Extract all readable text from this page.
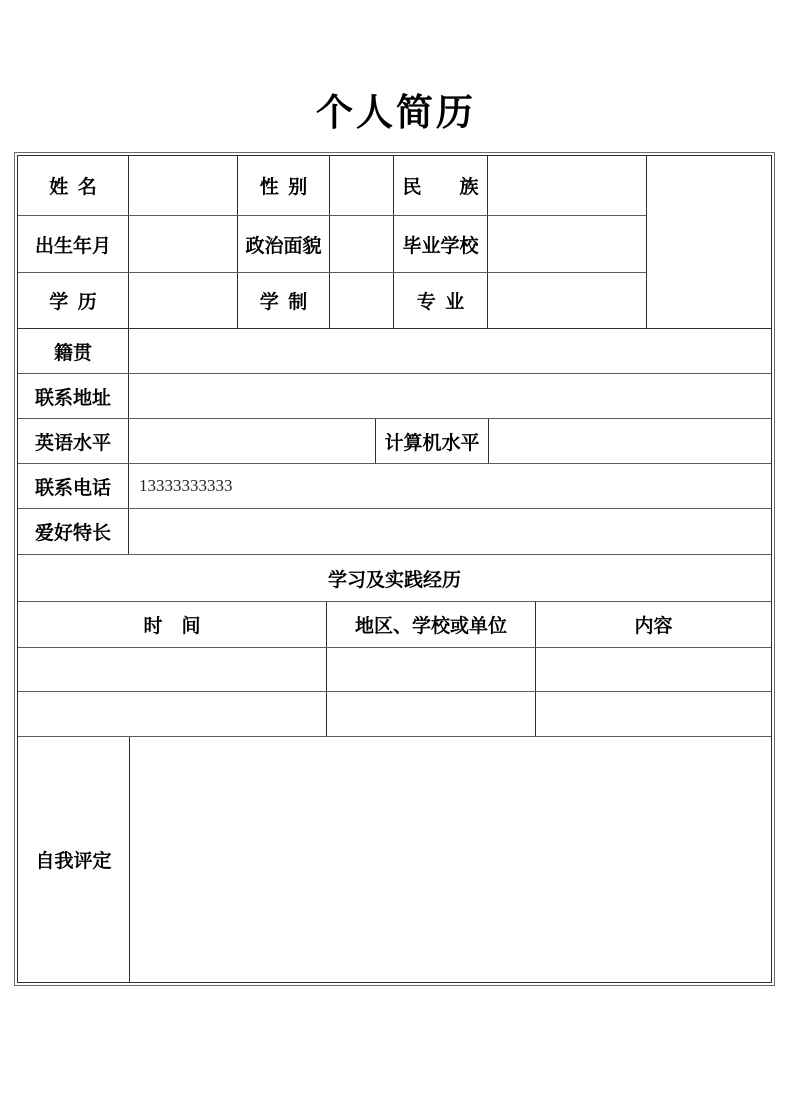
个人简历
姓  名	性  别	民        族
出生年月	政治面貌	毕业学校
学  历	学  制	专  业
籍贯
联系地址
英语水平	计算机水平
联系电话	13333333333
爱好特长
学习及实践经历
时    间	地区、学校或单位	内容
自我评定
